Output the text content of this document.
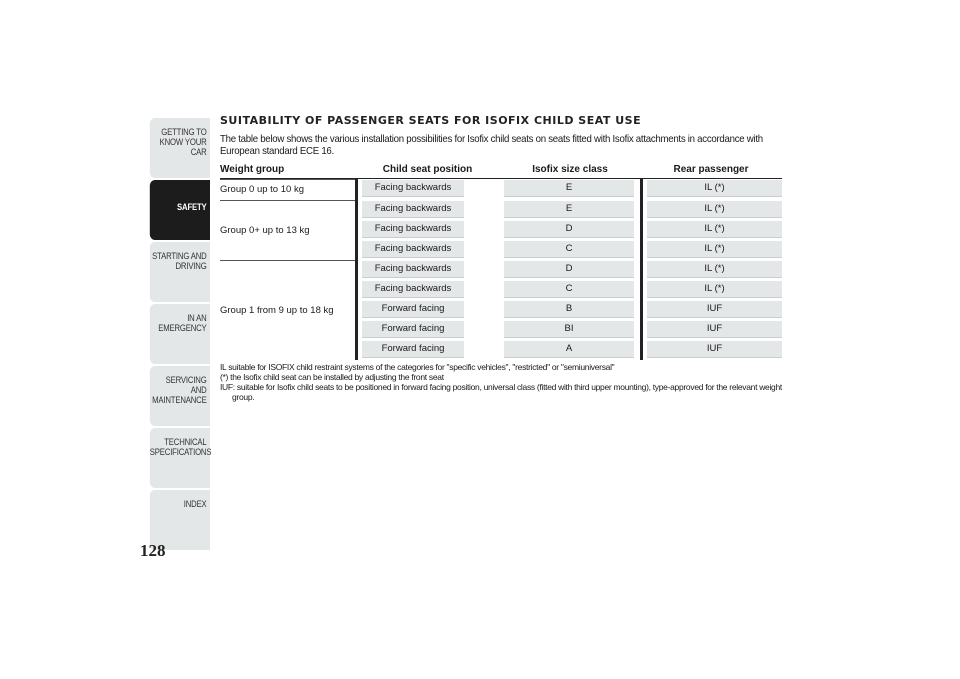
GETTING TO KNOW YOUR CAR
SAFETY
STARTING AND DRIVING
IN AN EMERGENCY
SERVICING AND MAINTENANCE
TECHNICAL SPECIFICATIONS
INDEX
128
SUITABILITY OF PASSENGER SEATS FOR ISOFIX CHILD SEAT USE

The table below shows the various installation possibilities for Isofix child seats on seats fitted with Isofix attachments in accordance with European standard ECE 16.

Weight group	Child seat position	Isofix size class	Rear passenger
Group 0 up to 10 kg	Facing backwards	E	IL (*)

Group 0+ up to 13 kg	Facing backwards	E	IL (*)

	Facing backwards	D	IL (*)

	Facing backwards	C	IL (*)

Group 1 from 9 up to 18 kg	Facing backwards	D	IL (*)

	Facing backwards	C	IL (*)

	Forward facing	B	IUF

	Forward facing	BI	IUF

	Forward facing	A	IUF

IL suitable for ISOFIX child restraint systems of the categories for "specific vehicles", "restricted" or "semiuniversal"

(*) the Isofix child seat can be installed by adjusting the front seat

IUF: suitable for Isofix child seats to be positioned in forward facing position, universal class (fitted with third upper mounting), type-approved for the relevant weight group.
